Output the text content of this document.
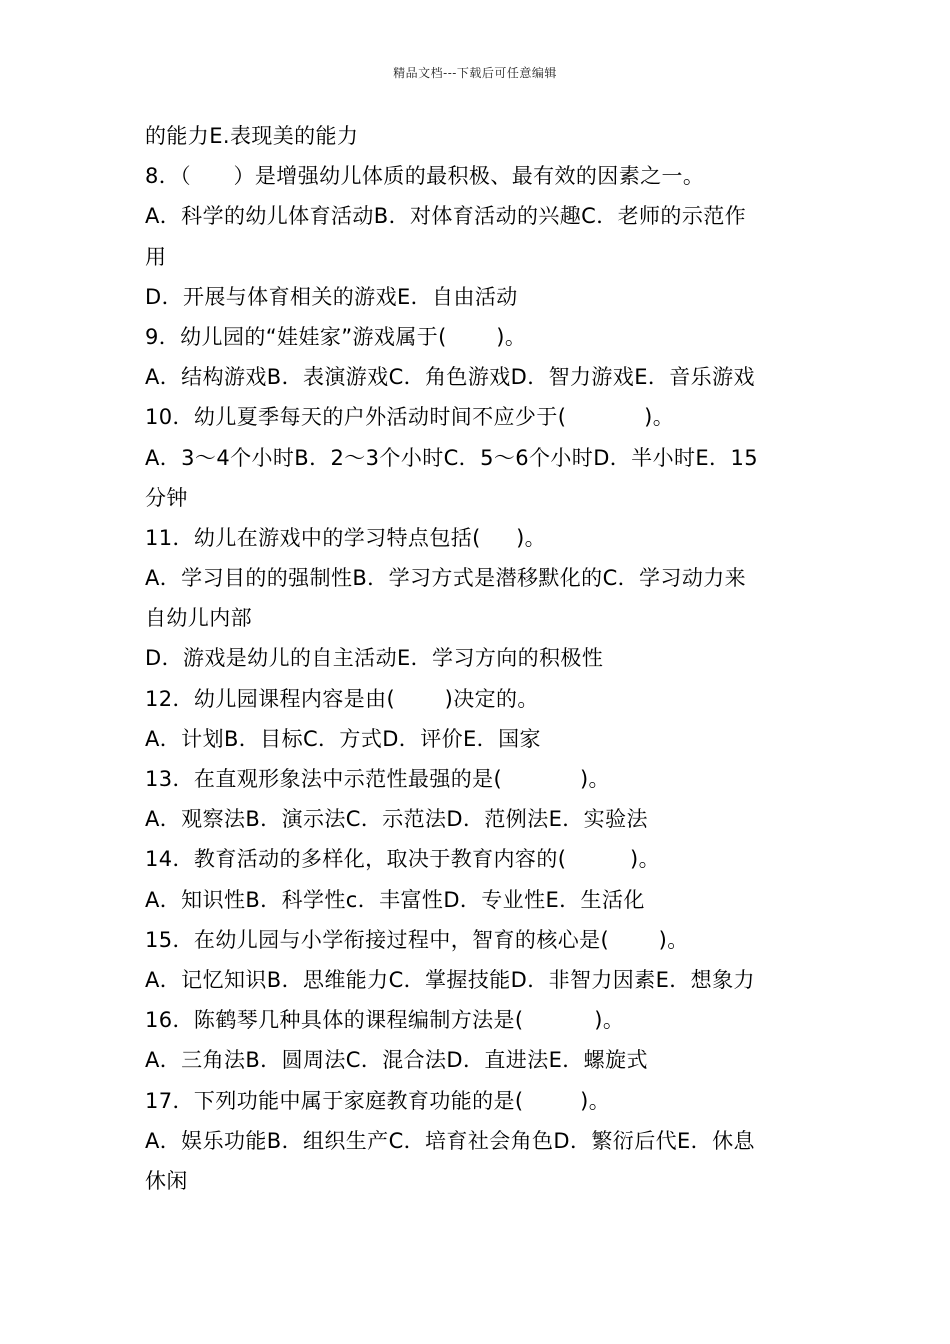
精品文档---下载后可任意编辑
的能力E.表现美的能力
8．（      ）是增强幼儿体质的最积极、最有效的因素之一。
A．科学的幼儿体育活动B．对体育活动的兴趣C．老师的示范作
用
D．开展与体育相关的游戏E．自由活动
9．幼儿园的“娃娃家”游戏属于(       )。
A．结构游戏B．表演游戏C．角色游戏D．智力游戏E．音乐游戏
10．幼儿夏季每天的户外活动时间不应少于(           )。
A．3～4个小时B．2～3个小时C．5～6个小时D．半小时E．15
分钟
11．幼儿在游戏中的学习特点包括(     )。
A．学习目的的强制性B．学习方式是潜移默化的C．学习动力来
自幼儿内部
D．游戏是幼儿的自主活动E．学习方向的积极性
12．幼儿园课程内容是由(       )决定的。
A．计划B．目标C．方式D．评价E．国家
13．在直观形象法中示范性最强的是(           )。
A．观察法B．演示法C．示范法D．范例法E．实验法
14．教育活动的多样化，取决于教育内容的(         )。
A．知识性B．科学性c．丰富性D．专业性E．生活化
15．在幼儿园与小学衔接过程中，智育的核心是(       )。
A．记忆知识B．思维能力C．掌握技能D．非智力因素E．想象力
16．陈鹤琴几种具体的课程编制方法是(          )。
A．三角法B．圆周法C．混合法D．直进法E．螺旋式
17．下列功能中属于家庭教育功能的是(        )。
A．娱乐功能B．组织生产C．培育社会角色D．繁衍后代E．休息
休闲
